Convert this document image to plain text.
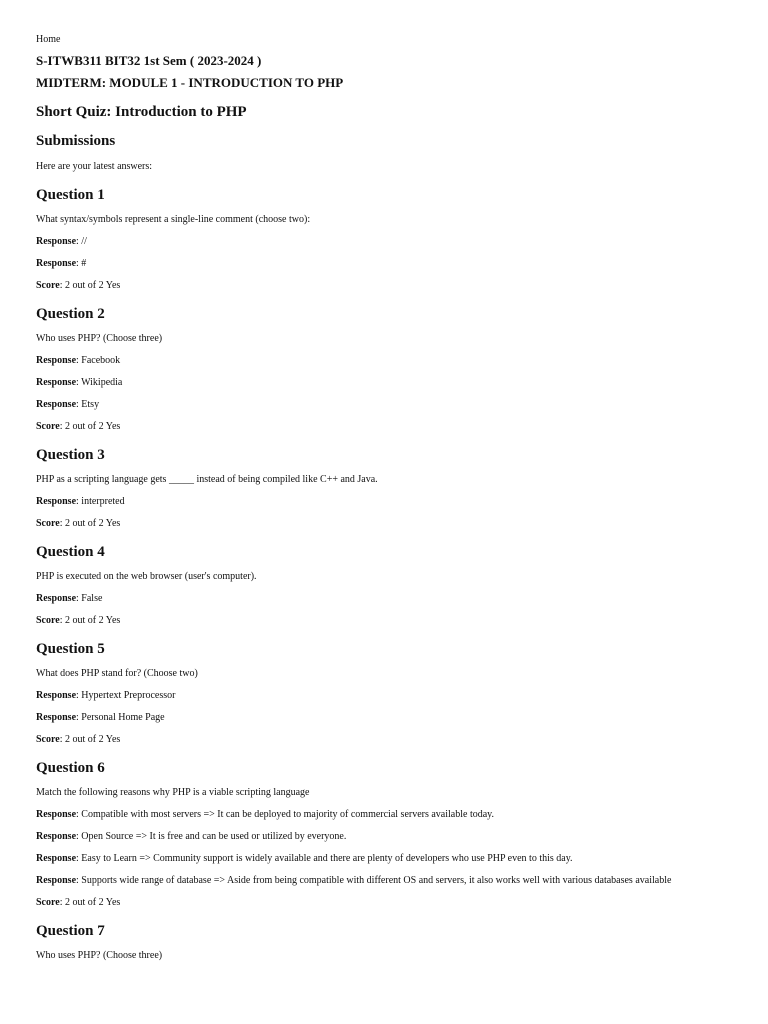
Home
S-ITWB311 BIT32 1st Sem ( 2023-2024 )
MIDTERM: MODULE 1 - INTRODUCTION TO PHP
Short Quiz: Introduction to PHP
Submissions
Here are your latest answers:
Question 1
What syntax/symbols represent a single-line comment (choose two):
Response: //
Response: #
Score: 2 out of 2 Yes
Question 2
Who uses PHP? (Choose three)
Response: Facebook
Response: Wikipedia
Response: Etsy
Score: 2 out of 2 Yes
Question 3
PHP as a scripting language gets _____ instead of being compiled like C++ and Java.
Response: interpreted
Score: 2 out of 2 Yes
Question 4
PHP is executed on the web browser (user's computer).
Response: False
Score: 2 out of 2 Yes
Question 5
What does PHP stand for? (Choose two)
Response: Hypertext Preprocessor
Response: Personal Home Page
Score: 2 out of 2 Yes
Question 6
Match the following reasons why PHP is a viable scripting language
Response: Compatible with most servers => It can be deployed to majority of commercial servers available today.
Response: Open Source => It is free and can be used or utilized by everyone.
Response: Easy to Learn => Community support is widely available and there are plenty of developers who use PHP even to this day.
Response: Supports wide range of database => Aside from being compatible with different OS and servers, it also works well with various databases available
Score: 2 out of 2 Yes
Question 7
Who uses PHP? (Choose three)
